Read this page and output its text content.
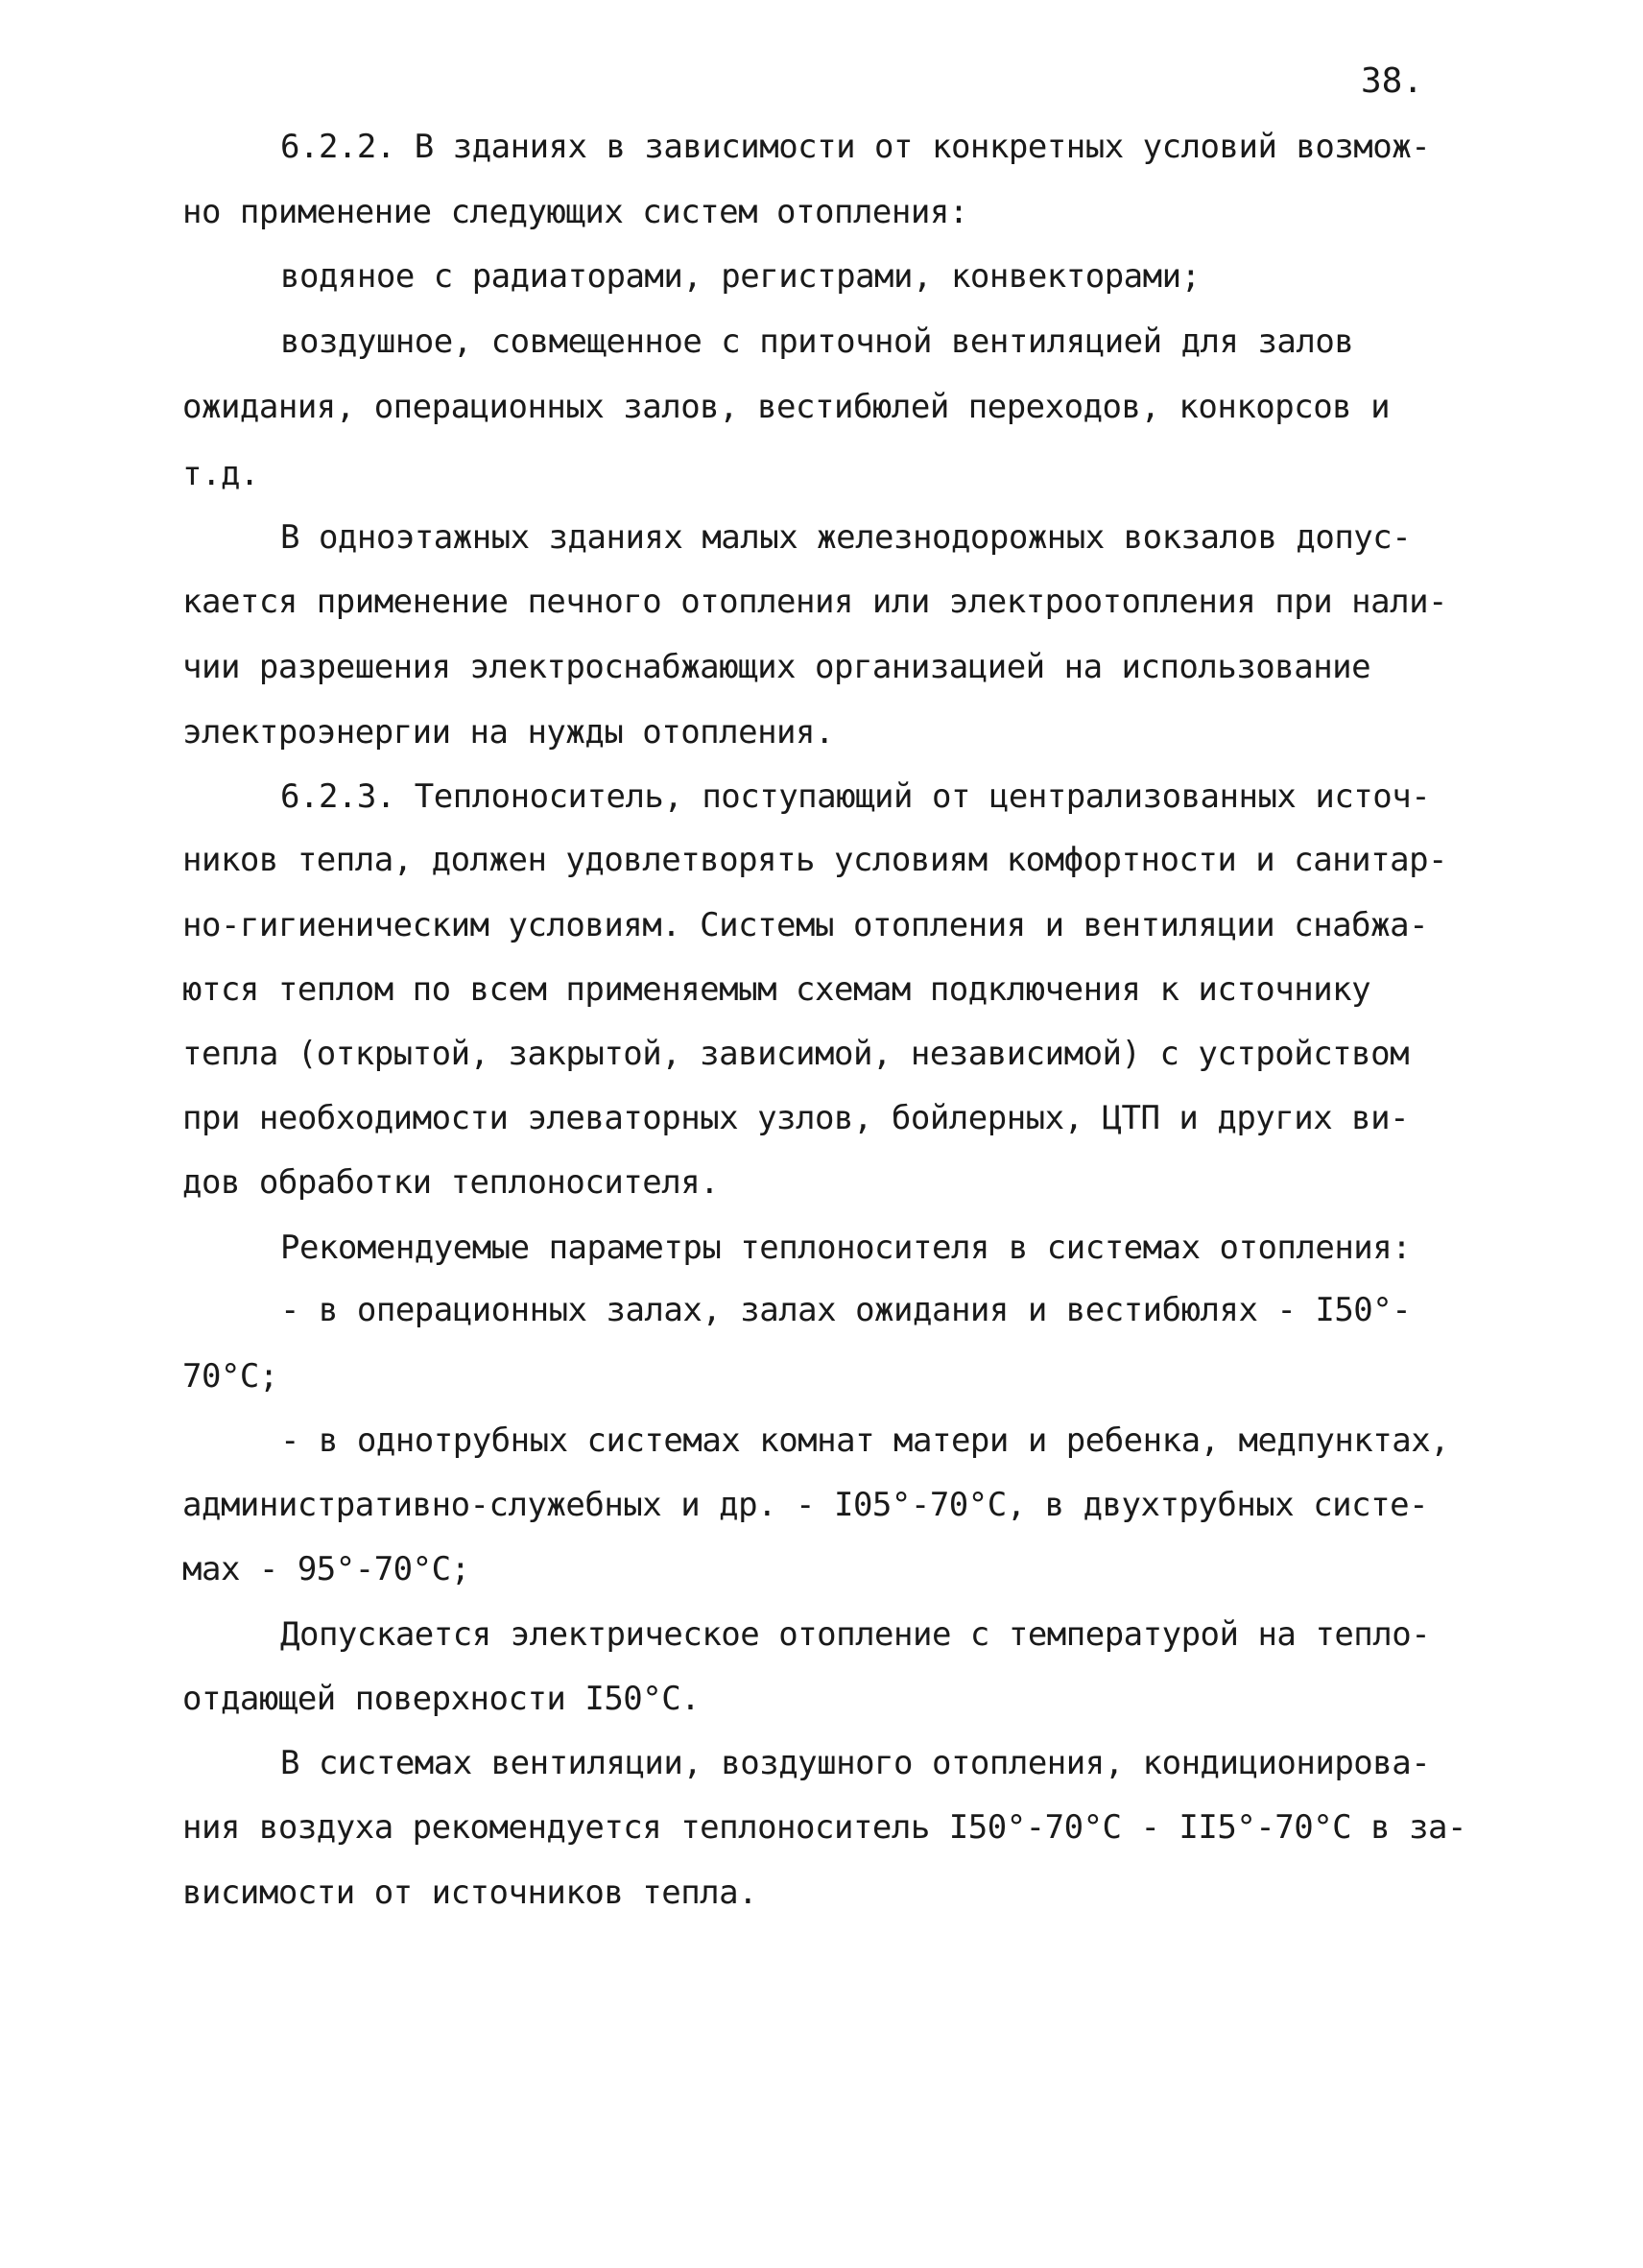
38.
6.2.2. В зданиях в зависимости от конкретных условий возмож-
но применение следующих систем отопления:
водяное с радиаторами, регистрами, конвекторами;
воздушное, совмещенное с приточной вентиляцией для залов
ожидания, операционных залов, вестибюлей переходов, конкорсов и
т.д.
В одноэтажных зданиях малых железнодорожных вокзалов допус-
кается применение печного отопления или электроотопления при нали-
чии разрешения электроснабжающих организацией на использование
электроэнергии на нужды отопления.
6.2.3. Теплоноситель, поступающий от централизованных источ-
ников тепла, должен удовлетворять условиям комфортности и санитар-
но-гигиеническим условиям. Системы отопления и вентиляции снабжа-
ются теплом по всем применяемым схемам подключения к источнику
тепла (открытой, закрытой, зависимой, независимой) с устройством
при необходимости элеваторных узлов, бойлерных, ЦТП и других ви-
дов обработки теплоносителя.
Рекомендуемые параметры теплоносителя в системах отопления:
- в операционных залах, залах ожидания и вестибюлях - I50°-
70°С;
- в однотрубных системах комнат матери и ребенка, медпунктах,
административно-служебных и др. - I05°-70°С, в двухтрубных систе-
мах - 95°-70°С;
Допускается электрическое отопление с температурой на тепло-
отдающей поверхности I50°С.
В системах вентиляции, воздушного отопления, кондиционирова-
ния воздуха рекомендуется теплоноситель I50°-70°С - II5°-70°С в за-
висимости от источников тепла.
